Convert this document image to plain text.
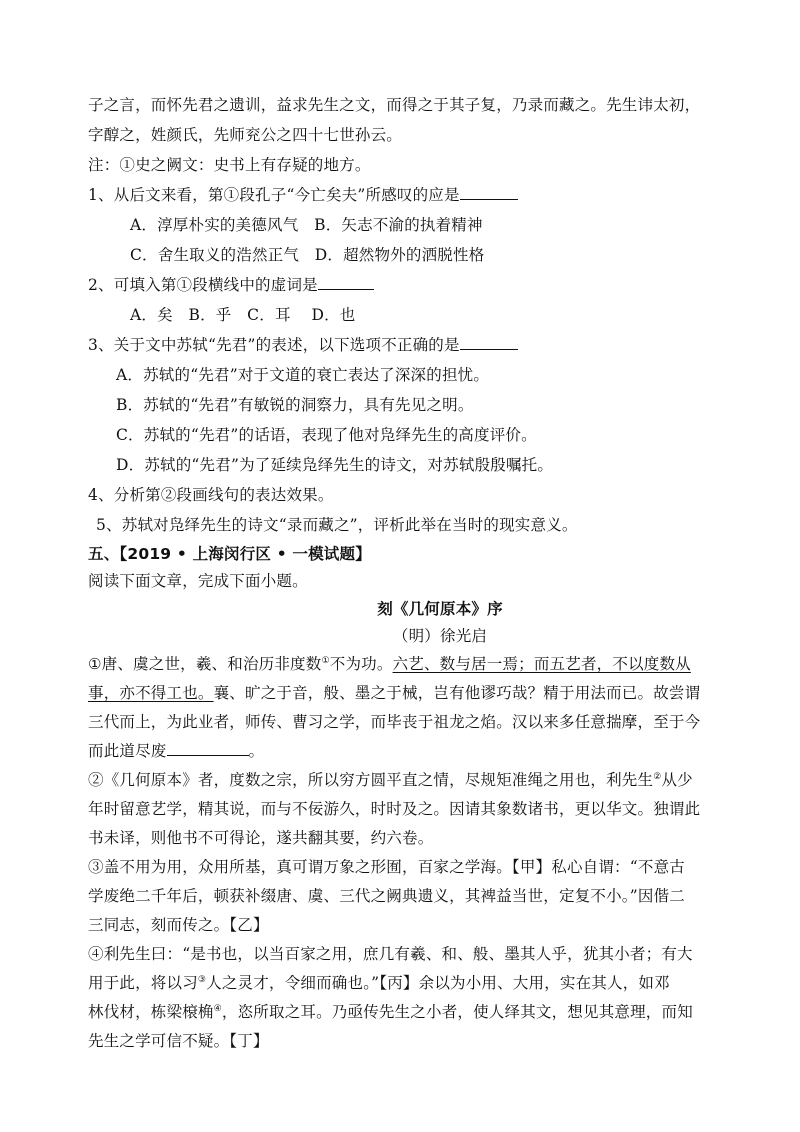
子之言，而怀先君之遗训，益求先生之文，而得之于其子复，乃录而藏之。先生讳太初，
字醇之，姓颜氏，先师兖公之四十七世孙云。
注：①史之阙文：史书上有存疑的地方。
1、从后文来看，第①段孔子“今亡矣夫”所感叹的应是
A．淳厚朴实的美德风气　 B．矢志不渝的执着精神
C．舍生取义的浩然正气　 D．超然物外的洒脱性格
2、可填入第①段横线中的虚词是
A．矣　B．乎　C．耳　 D．也
3、关于文中苏轼“先君”的表述，以下选项不正确的是
A．苏轼的“先君”对于文道的衰亡表达了深深的担忧。
B．苏轼的“先君”有敏锐的洞察力，具有先见之明。
C．苏轼的“先君”的话语，表现了他对凫绎先生的高度评价。
D．苏轼的“先君”为了延续凫绎先生的诗文，对苏轼殷殷嘱托。
4、分析第②段画线句的表达效果。
5、苏轼对凫绎先生的诗文“录而藏之”，评析此举在当时的现实意义。
五、【2019 • 上海闵行区 • 一模试题】
阅读下面文章，完成下面小题。
刻《几何原本》序
（明）徐光启
①唐、虞之世，羲、和治历非度数①不为功。六艺、数与居一焉；而五艺者，不以度数从
事，亦不得工也。襄、旷之于音，般、墨之于械，岂有他谬巧哉？精于用法而已。故尝谓
三代而上，为此业者，师传、曹习之学，而毕丧于祖龙之焰。汉以来多任意揣摩，至于今
而此道尽废	。
②《几何原本》者，度数之宗，所以穷方圆平直之情，尽规矩准绳之用也，利先生②从少
年时留意艺学，精其说，而与不佞游久，时时及之。因请其象数诸书，更以华文。独谓此
书未译，则他书不可得论，遂共翻其要，约六卷。
③盖不用为用，众用所基，真可谓万象之形囿，百家之学海。【甲】私心自谓：“不意古
学废绝二千年后，顿获补缀唐、虞、三代之阙典遗义，其裨益当世，定复不小。”因偕二
三同志，刻而传之。【乙】
④利先生曰：“是书也，以当百家之用，庶几有羲、和、般、墨其人乎，犹其小者；有大
用于此，将以习③人之灵才，令细而确也。”【丙】余以为小用、大用，实在其人，如邓
林伐材，栋梁榱桷④，恣所取之耳。乃亟传先生之小者，使人绎其文，想见其意理，而知
先生之学可信不疑。【丁】
